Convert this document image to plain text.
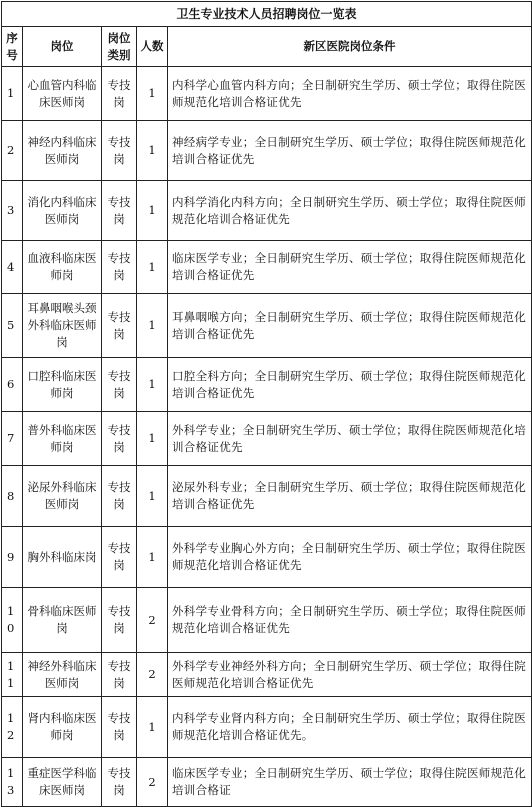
卫生专业技术人员招聘岗位一览表				
序号	岗位	岗位类别	人数	新区医院岗位条件
1	心血管内科临床医师岗	专技岗	1	内科学心血管内科方向；全日制研究生学历、硕士学位；取得住院医师规范化培训合格证优先
2	神经内科临床医师岗	专技岗	1	神经病学专业；全日制研究生学历、硕士学位；取得住院医师规范化培训合格证优先
3	消化内科临床医师岗	专技岗	1	内科学消化内科方向；全日制研究生学历、硕士学位；取得住院医师规范化培训合格证优先
4	血液科临床医师岗	专技岗	1	临床医学专业；全日制研究生学历、硕士学位；取得住院医师规范化培训合格证优先
5	耳鼻咽喉头颈外科临床医师岗	专技岗	1	耳鼻咽喉方向；全日制研究生学历、硕士学位；取得住院医师规范化培训合格证优先
6	口腔科临床医师岗	专技岗	1	口腔全科方向；全日制研究生学历、硕士学位；取得住院医师规范化培训合格证优先
7	普外科临床医师岗	专技岗	1	外科学专业；全日制研究生学历、硕士学位；取得住院医师规范化培训合格证优先
8	泌尿外科临床医师岗	专技岗	1	泌尿外科专业；全日制研究生学历、硕士学位；取得住院医师规范化培训合格证优先
9	胸外科临床岗	专技岗	1	外科学专业胸心外方向；全日制研究生学历、硕士学位；取得住院医师规范化培训合格证优先
10	骨科临床医师岗	专技岗	2	外科学专业骨科方向；全日制研究生学历、硕士学位；取得住院医师规范化培训合格证优先
11	神经外科临床医师岗	专技岗	2	外科学专业神经外科方向；全日制研究生学历、硕士学位；取得住院医师规范化培训合格证优先
12	肾内科临床医师岗	专技岗	1	内科学专业肾内科方向；全日制研究生学历、硕士学位；取得住院医师规范化培训合格证优先。
13	重症医学科临床医师岗	专技岗	2	临床医学专业；全日制研究生学历、硕士学位；取得住院医师规范化培训合格证
